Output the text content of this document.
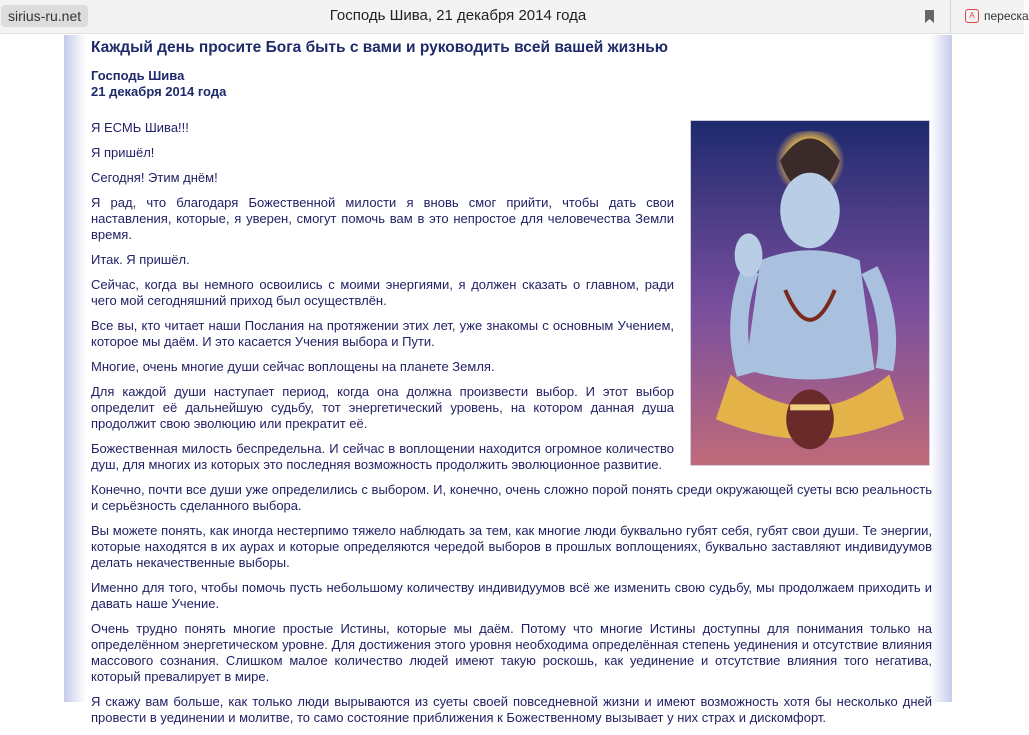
sirius-ru.net	Господь Шива, 21 декабря 2014 года	A переска
Каждый день просите Бога быть с вами и руководить всей вашей жизнью

Господь Шива

21 декабря 2014 года

Я ЕСМЬ Шива!!!

Я пришёл!

Сегодня! Этим днём!

Я рад, что благодаря Божественной милости я вновь смог прийти, чтобы дать свои наставления, которые, я уверен, смогут помочь вам в это непростое для человечества Земли время.

Итак. Я пришёл.

Сейчас, когда вы немного освоились с моими энергиями, я должен сказать о главном, ради чего мой сегодняшний приход был осуществлён.

Все вы, кто читает наши Послания на протяжении этих лет, уже знакомы с основным Учением, которое мы даём. И это касается Учения выбора и Пути.

Многие, очень многие души сейчас воплощены на планете Земля.

Для каждой души наступает период, когда она должна произвести выбор. И этот выбор определит её дальнейшую судьбу, тот энергетический уровень, на котором данная душа продолжит свою эволюцию или прекратит её.

Божественная милость беспредельна. И сейчас в воплощении находится огромное количество душ, для многих из которых это последняя возможность продолжить эволюционное развитие.

Конечно, почти все души уже определились с выбором. И, конечно, очень сложно порой понять среди окружающей суеты всю реальность и серьёзность сделанного выбора.

Вы можете понять, как иногда нестерпимо тяжело наблюдать за тем, как многие люди буквально губят себя, губят свои души. Те энергии, которые находятся в их аурах и которые определяются чередой выборов в прошлых воплощениях, буквально заставляют индивидуумов делать некачественные выборы.

Именно для того, чтобы помочь пусть небольшому количеству индивидуумов всё же изменить свою судьбу, мы продолжаем приходить и давать наше Учение.

Очень трудно понять многие простые Истины, которые мы даём. Потому что многие Истины доступны для понимания только на определённом энергетическом уровне. Для достижения этого уровня необходима определённая степень уединения и отсутствие влияния массового сознания. Слишком малое количество людей имеют такую роскошь, как уединение и отсутствие влияния того негатива, который превалирует в мире.

Я скажу вам больше, как только люди вырываются из суеты своей повседневной жизни и имеют возможность хотя бы несколько дней провести в уединении и молитве, то само состояние приближения к Божественному вызывает у них страх и дискомфорт.
